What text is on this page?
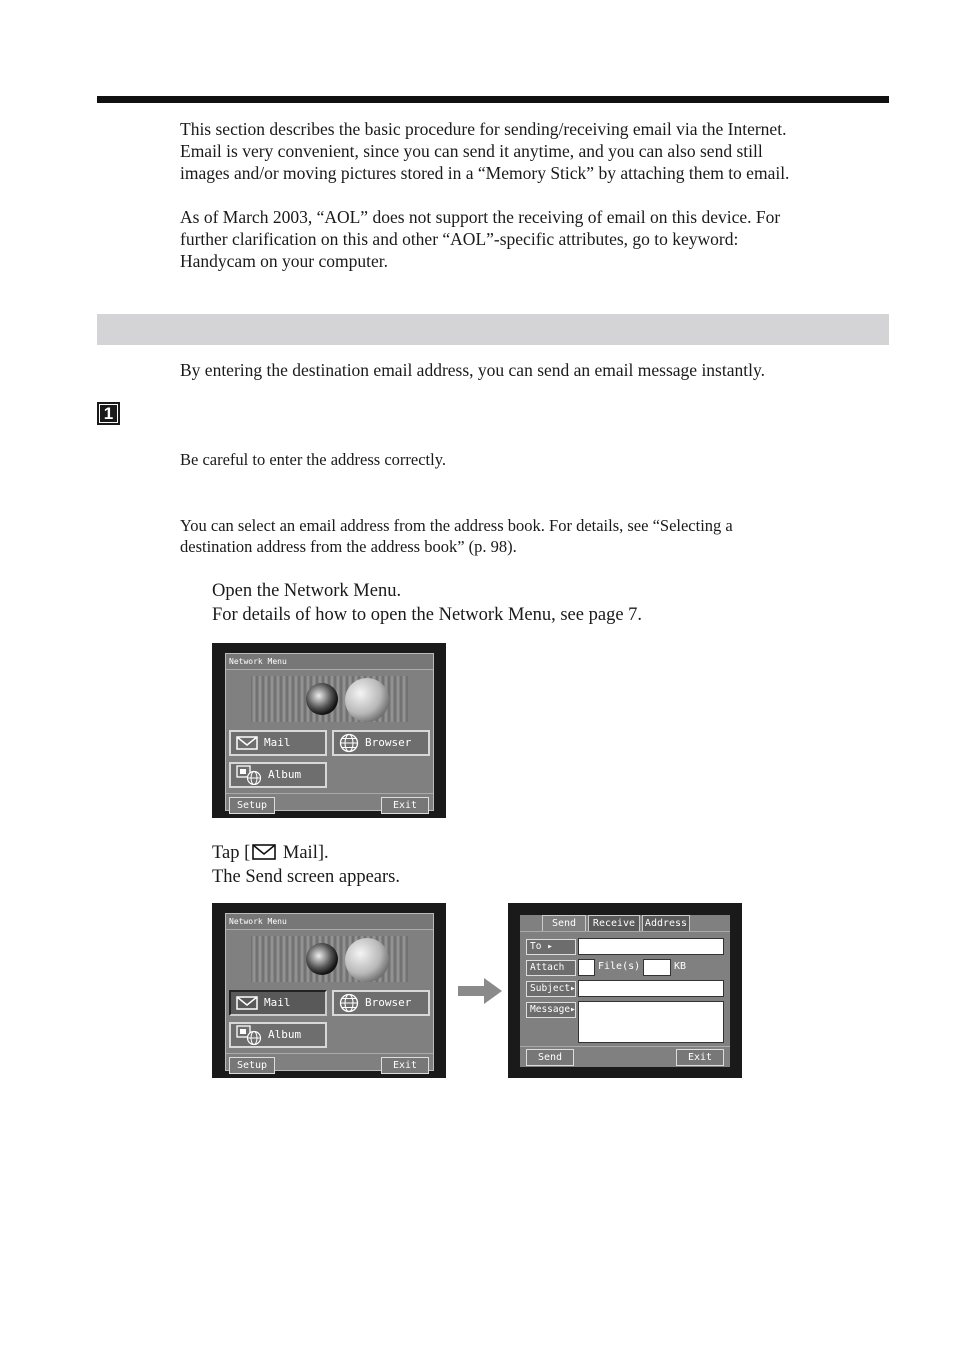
This section describes the basic procedure for sending/receiving email via the Internet.
Email is very convenient, since you can send it anytime, and you can also send still
images and/or moving pictures stored in a “Memory Stick” by attaching them to email.

As of March 2003, “AOL” does not support the receiving of email on this device. For
further clarification on this and other “AOL”-specific attributes, go to keyword:
Handycam on your computer.

By entering the destination email address, you can send an email message instantly.

1

Be careful to enter the address correctly.

You can select an email address from the address book. For details, see “Selecting a
destination address from the address book” (p. 98).

Open the Network Menu.
For details of how to open the Network Menu, see page 7.
Network Menu
Mail	Browser
Album
Setup	Exit
Tap [ Mail].
The Send screen appears.
Network Menu
Mail	Browser
Album
Setup	Exit
Send	Receive Address
To ▸
Attach	File(s)	KB
Subject▸
Message▸
Send	Exit
